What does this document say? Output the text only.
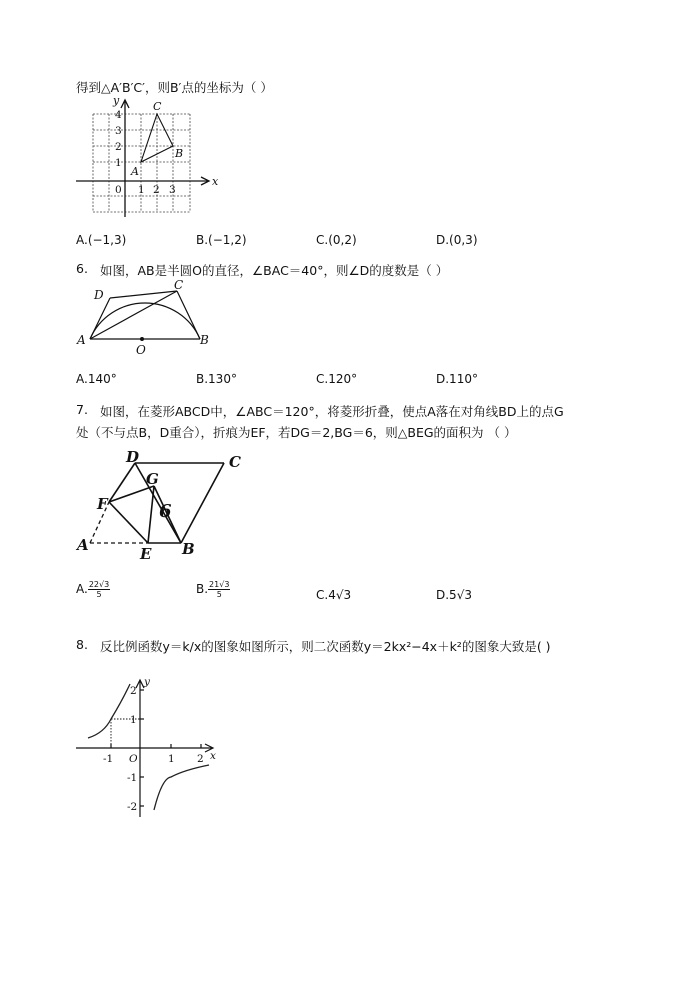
得到△A′B′C′，则B′点的坐标为（ ）
x
y	C
B
A
0 1 2 3
1
2
3
4
A.(−1,3)	B.(−1,2)	C.(0,2)	D.(0,3)
6. 如图，AB是半圆O的直径，∠BAC＝40°，则∠D的度数是（ ）
A	B
C
D
O
A.140°	B.130°	C.120°	D.110°
7. 如图，在菱形ABCD中，∠ABC＝120°，将菱形折叠，使点A落在对角线BD上的点G
处（不与点B，D重合），折痕为EF，若DG＝2,BG＝6，则△BEG的面积为 （ ）
D	C
G
F
A	E B
6
A. $\frac{22√3}{5}$	B. $\frac{21√3}{5}$	C.4√3	D.5√3
8. 反比例函数y＝k/x的图象如图所示，则二次函数y＝2kx²−4x＋k²的图象大致是( )
x
y
O
-1	1 2
2
1
-1
-2
